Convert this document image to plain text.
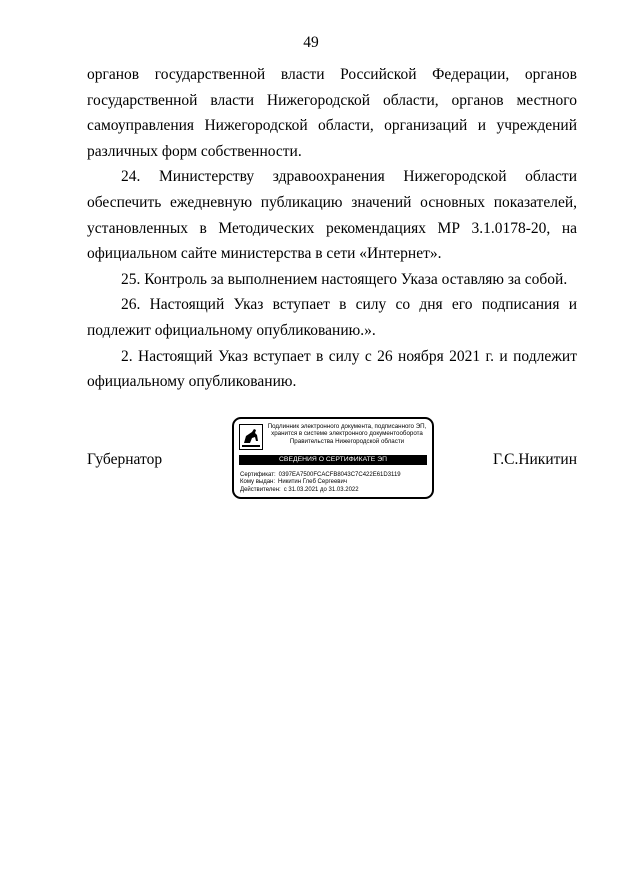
49

органов государственной власти Российской Федерации, органов государственной власти Нижегородской области, органов местного самоуправления Нижегородской области, организаций и учреждений различных форм собственности.

24. Министерству здравоохранения Нижегородской области обеспечить ежедневную публикацию значений основных показателей, установленных в Методических рекомендациях МР 3.1.0178-20, на официальном сайте министерства в сети «Интернет».

25. Контроль за выполнением настоящего Указа оставляю за собой.

26. Настоящий Указ вступает в силу со дня его подписания и подлежит официальному опубликованию.».

2. Настоящий Указ вступает в силу с 26 ноября 2021 г. и подлежит официальному опубликованию.

Губернатор
Подлинник электронного документа, подписанного ЭП,
хранится в системе электронного документооборота
Правительства Нижегородской области
СВЕДЕНИЯ О СЕРТИФИКАТЕ ЭП
Сертификат: 0397EA7500FCACFB8043C7C422E61D3119
Кому выдан: Никитин Глеб Сергеевич
Действителен: с 31.03.2021 до 31.03.2022
Г.С.Никитин
